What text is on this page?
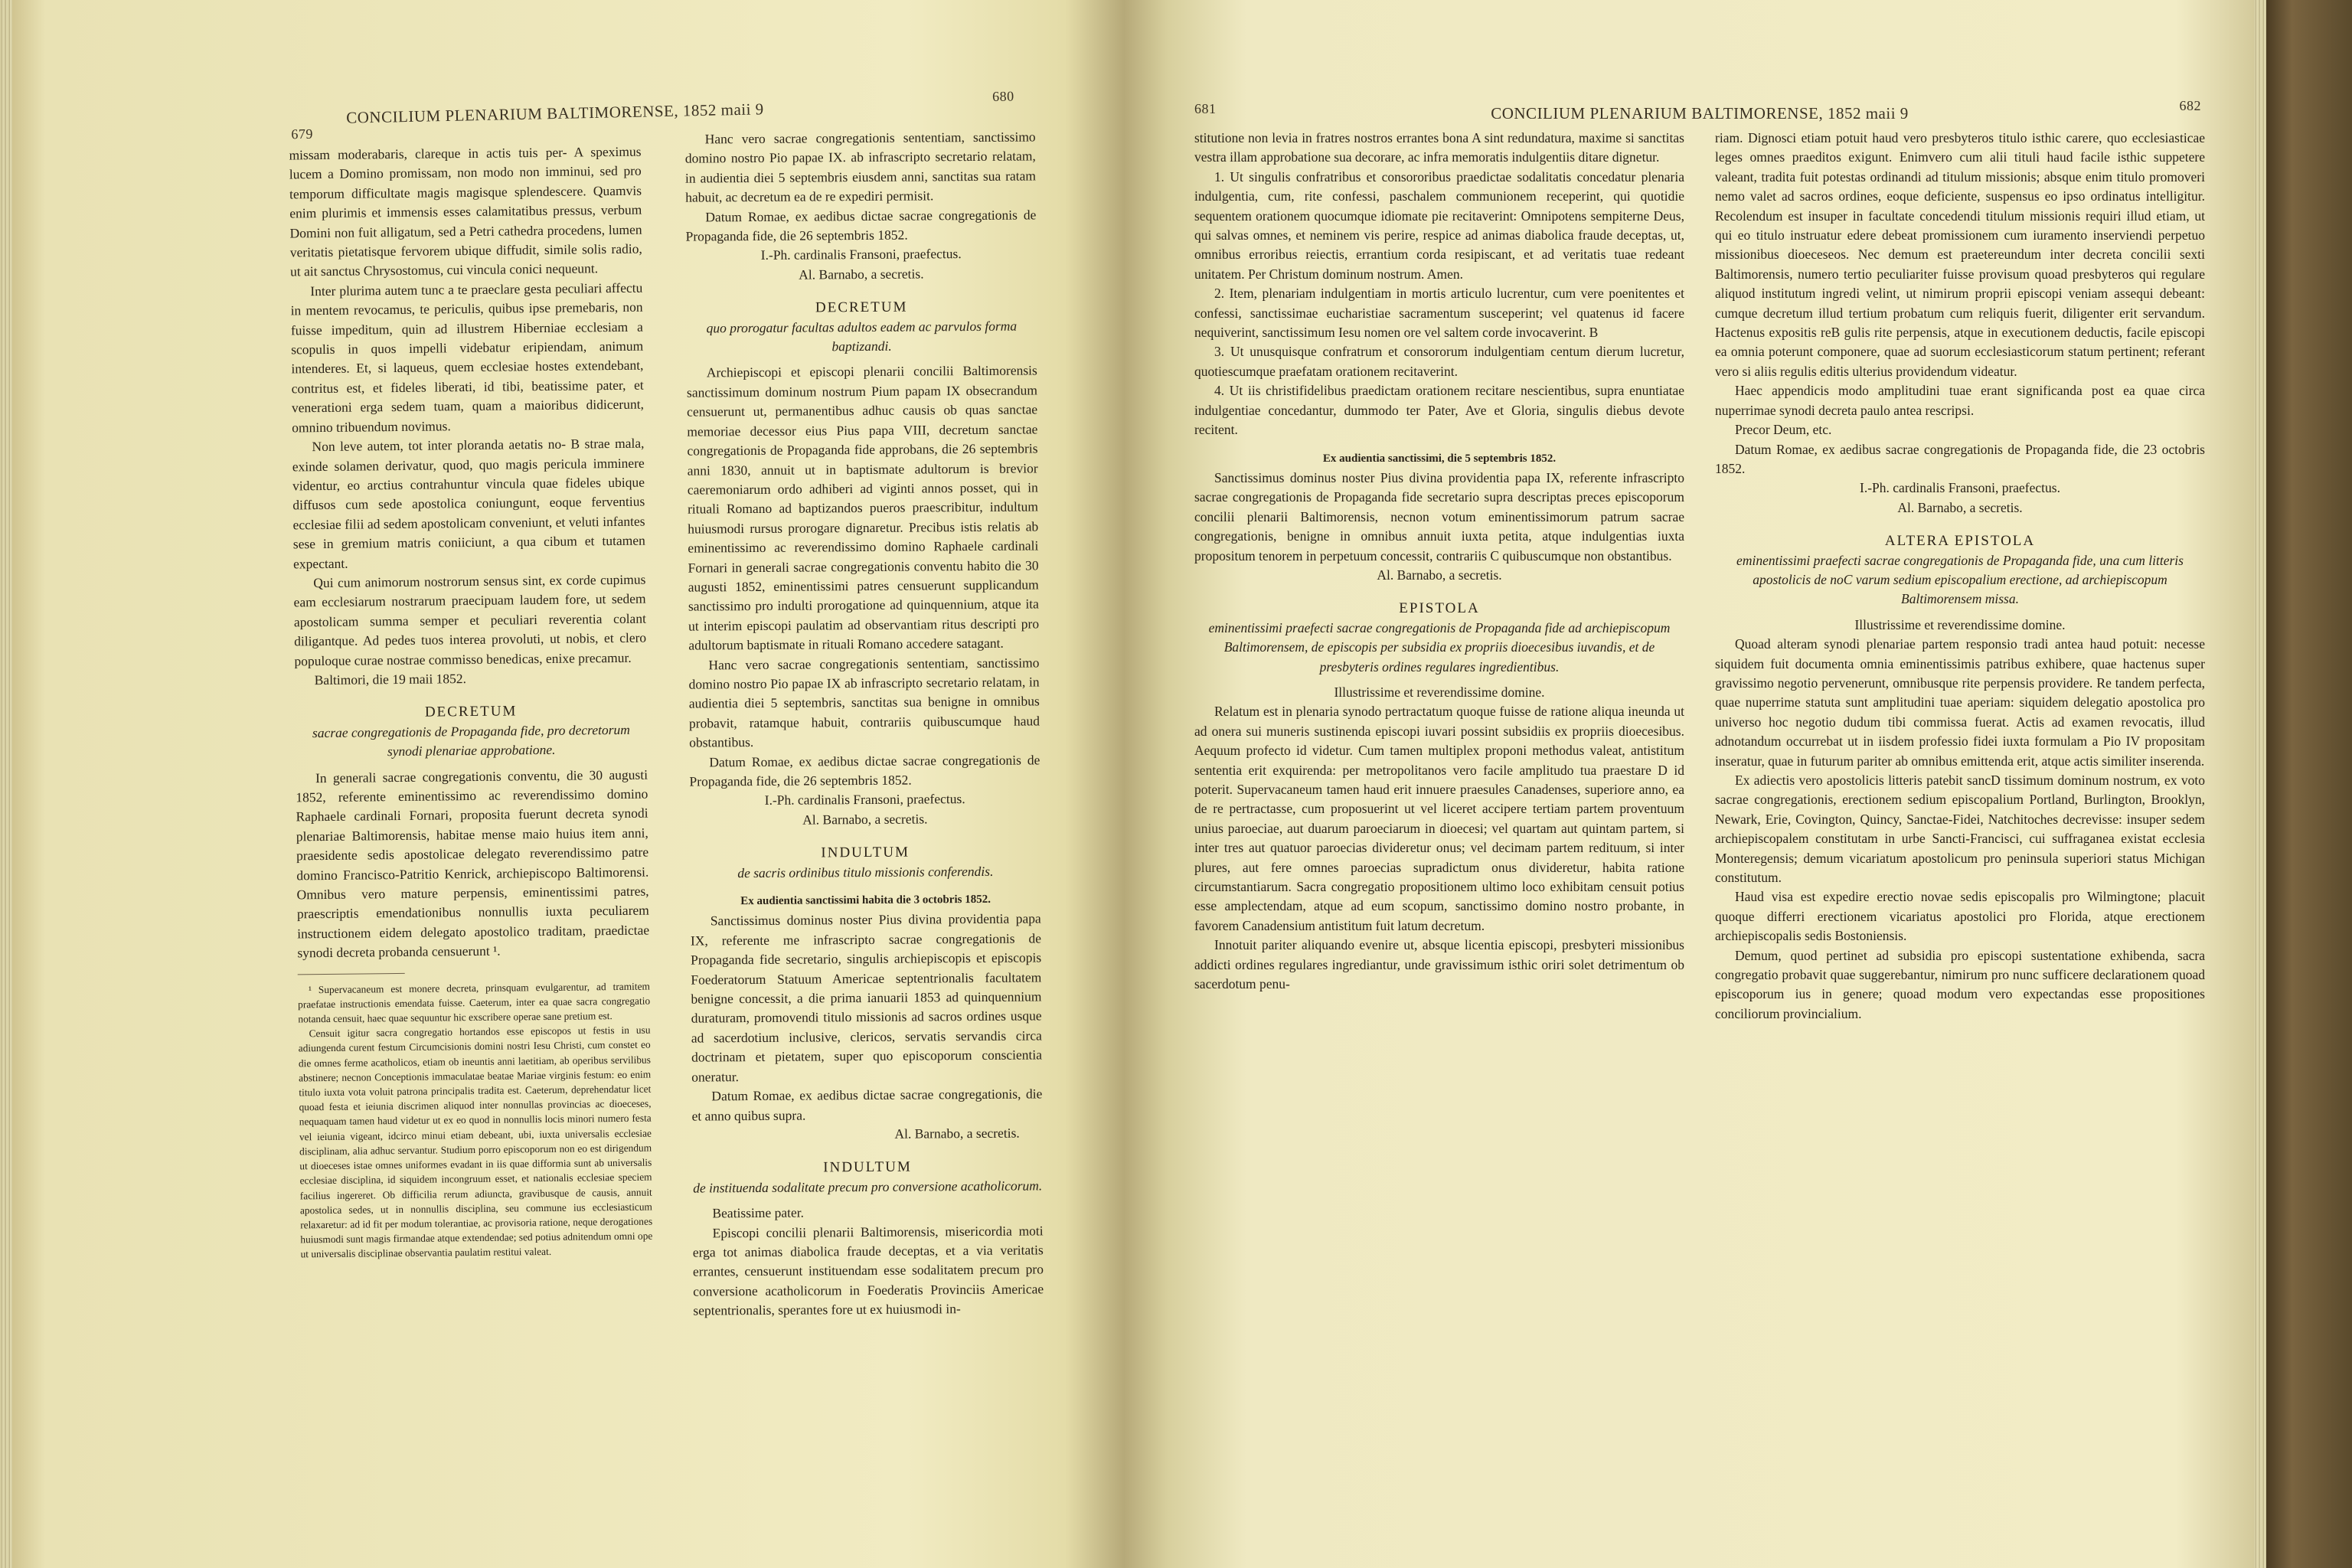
679
CONCILIUM PLENARIUM BALTIMORENSE, 1852 maii 9
680

missam moderabaris, clareque in actis tuis per- A speximus lucem a Domino promissam, non modo non imminui, sed pro temporum difficultate magis magisque splendescere. Quamvis enim plurimis et immensis esses calamitatibus pressus, verbum Domini non fuit alligatum, sed a Petri cathedra procedens, lumen veritatis pietatisque fervorem ubique diffudit, simile solis radio, ut ait sanctus Chrysostomus, cui vincula conici nequeunt.

Inter plurima autem tunc a te praeclare gesta peculiari affectu in mentem revocamus, te periculis, quibus ipse premebaris, non fuisse impeditum, quin ad illustrem Hiberniae ecclesiam a scopulis in quos impelli videbatur eripiendam, animum intenderes. Et, si laqueus, quem ecclesiae hostes extendebant, contritus est, et fideles liberati, id tibi, beatissime pater, et venerationi erga sedem tuam, quam a maioribus didicerunt, omnino tribuendum novimus.

Non leve autem, tot inter ploranda aetatis no- B strae mala, exinde solamen derivatur, quod, quo magis pericula imminere videntur, eo arctius contrahuntur vincula quae fideles ubique diffusos cum sede apostolica coniungunt, eoque ferventius ecclesiae filii ad sedem apostolicam conveniunt, et veluti infantes sese in gremium matris coniiciunt, a qua cibum et tutamen expectant.

Qui cum animorum nostrorum sensus sint, ex corde cupimus eam ecclesiarum nostrarum praecipuam laudem fore, ut sedem apostolicam summa semper et peculiari reverentia colant diligantque. Ad pedes tuos interea provoluti, ut nobis, et clero populoque curae nostrae commisso benedicas, enixe precamur.

Baltimori, die 19 maii 1852.

DECRETUM

sacrae congregationis de Propaganda fide, pro decretorum synodi plenariae approbatione.

In generali sacrae congregationis conventu, die 30 augusti 1852, referente eminentissimo ac reverendissimo domino Raphaele cardinali Fornari, proposita fuerunt decreta synodi plenariae Baltimorensis, habitae mense maio huius item anni, praesidente sedis apostolicae delegato reverendissimo patre domino Francisco-Patritio Kenrick, archiepiscopo Baltimorensi. Omnibus vero mature perpensis, eminentissimi patres, praescriptis emendationibus nonnullis iuxta peculiarem instructionem eidem delegato apostolico traditam, praedictae synodi decreta probanda censuerunt ¹.

¹ Supervacaneum est monere decreta, prinsquam evulgarentur, ad tramitem praefatae instructionis emendata fuisse. Caeterum, inter ea quae sacra congregatio notanda censuit, haec quae sequuntur hic exscribere operae sane pretium est.

Censuit igitur sacra congregatio hortandos esse episcopos ut festis in usu adiungenda curent festum Circumcisionis domini nostri Iesu Christi, cum constet eo die omnes ferme acatholicos, etiam ob ineuntis anni laetitiam, ab operibus servilibus abstinere; necnon Conceptionis immaculatae beatae Mariae virginis festum: eo enim titulo iuxta vota voluit patrona principalis tradita est. Caeterum, deprehendatur licet quoad festa et ieiunia discrimen aliquod inter nonnullas provincias ac dioeceses, nequaquam tamen haud videtur ut ex eo quod in nonnullis locis minori numero festa vel ieiunia vigeant, idcirco minui etiam debeant, ubi, iuxta universalis ecclesiae disciplinam, alia adhuc servantur. Studium porro episcoporum non eo est dirigendum ut dioeceses istae omnes uniformes evadant in iis quae difformia sunt ab universalis ecclesiae disciplina, id siquidem incongruum esset, et nationalis ecclesiae speciem facilius ingereret. Ob difficilia rerum adiuncta, gravibusque de causis, annuit apostolica sedes, ut in nonnullis disciplina, seu commune ius ecclesiasticum relaxaretur: ad id fit per modum tolerantiae, ac provisoria ratione, neque derogationes huiusmodi sunt magis firmandae atque extendendae; sed potius adnitendum omni ope ut universalis disciplinae observantia paulatim restitui valeat.

Hanc vero sacrae congregationis sententiam, sanctissimo domino nostro Pio papae IX. ab infrascripto secretario relatam, in audientia diei 5 septembris eiusdem anni, sanctitas sua ratam habuit, ac decretum ea de re expediri permisit.

Datum Romae, ex aedibus dictae sacrae congregationis de Propaganda fide, die 26 septembris 1852.

I.-Ph. cardinalis Fransoni, praefectus.

Al. Barnabo, a secretis.

DECRETUM

quo prorogatur facultas adultos eadem ac parvulos forma baptizandi.

Archiepiscopi et episcopi plenarii concilii Baltimorensis sanctissimum dominum nostrum Pium papam IX obsecrandum censuerunt ut, permanentibus adhuc causis ob quas sanctae memoriae decessor eius Pius papa VIII, decretum sanctae congregationis de Propaganda fide approbans, die 26 septembris anni 1830, annuit ut in baptismate adultorum is brevior caeremoniarum ordo adhiberi ad viginti annos posset, qui in rituali Romano ad baptizandos pueros praescribitur, indultum huiusmodi rursus prorogare dignaretur. Precibus istis relatis ab eminentissimo ac reverendissimo domino Raphaele cardinali Fornari in generali sacrae congregationis conventu habito die 30 augusti 1852, eminentissimi patres censuerunt supplicandum sanctissimo pro indulti prorogatione ad quinquennium, atque ita ut interim episcopi paulatim ad observantiam ritus descripti pro adultorum baptismate in rituali Romano accedere satagant.

Hanc vero sacrae congregationis sententiam, sanctissimo domino nostro Pio papae IX ab infrascripto secretario relatam, in audientia diei 5 septembris, sanctitas sua benigne in omnibus probavit, ratamque habuit, contrariis quibuscumque haud obstantibus.

Datum Romae, ex aedibus dictae sacrae congregationis de Propaganda fide, die 26 septembris 1852.

I.-Ph. cardinalis Fransoni, praefectus.

Al. Barnabo, a secretis.

INDULTUM

de sacris ordinibus titulo missionis conferendis.

Ex audientia sanctissimi habita die 3 octobris 1852.

Sanctissimus dominus noster Pius divina providentia papa IX, referente me infrascripto sacrae congregationis de Propaganda fide secretario, singulis archiepiscopis et episcopis Foederatorum Statuum Americae septentrionalis facultatem benigne concessit, a die prima ianuarii 1853 ad quinquennium duraturam, promovendi titulo missionis ad sacros ordines usque ad sacerdotium inclusive, clericos, servatis servandis circa doctrinam et pietatem, super quo episcoporum conscientia oneratur.

Datum Romae, ex aedibus dictae sacrae congregationis, die et anno quibus supra.

Al. Barnabo, a secretis.

INDULTUM

de instituenda sodalitate precum pro conversione acatholicorum.

Beatissime pater.

Episcopi concilii plenarii Baltimorensis, misericordia moti erga tot animas diabolica fraude deceptas, et a via veritatis errantes, censuerunt instituendam esse sodalitatem precum pro conversione acatholicorum in Foederatis Provinciis Americae septentrionalis, sperantes fore ut ex huiusmodi in-

681	CONCILIUM PLENARIUM BALTIMORENSE, 1852 maii 9	682

stitutione non levia in fratres nostros errantes bona A sint redundatura, maxime si sanctitas vestra illam approbatione sua decorare, ac infra memoratis indulgentiis ditare dignetur.

1. Ut singulis confratribus et consororibus praedictae sodalitatis concedatur plenaria indulgentia, cum, rite confessi, paschalem communionem receperint, qui quotidie sequentem orationem quocumque idiomate pie recitaverint: Omnipotens sempiterne Deus, qui salvas omnes, et neminem vis perire, respice ad animas diabolica fraude deceptas, ut, omnibus erroribus reiectis, errantium corda resipiscant, et ad veritatis tuae redeant unitatem. Per Christum dominum nostrum. Amen.

2. Item, plenariam indulgentiam in mortis articulo lucrentur, cum vere poenitentes et confessi, sanctissimae eucharistiae sacramentum susceperint; vel quatenus id facere nequiverint, sanctissimum Iesu nomen ore vel saltem corde invocaverint. B

3. Ut unusquisque confratrum et consororum indulgentiam centum dierum lucretur, quotiescumque praefatam orationem recitaverint.

4. Ut iis christifidelibus praedictam orationem recitare nescientibus, supra enuntiatae indulgentiae concedantur, dummodo ter Pater, Ave et Gloria, singulis diebus devote recitent.

Ex audientia sanctissimi, die 5 septembris 1852.

Sanctissimus dominus noster Pius divina providentia papa IX, referente infrascripto sacrae congregationis de Propaganda fide secretario supra descriptas preces episcoporum concilii plenarii Baltimorensis, necnon votum eminentissimorum patrum sacrae congregationis, benigne in omnibus annuit iuxta petita, atque indulgentias iuxta propositum tenorem in perpetuum concessit, contrariis C quibuscumque non obstantibus.

Al. Barnabo, a secretis.

EPISTOLA

eminentissimi praefecti sacrae congregationis de Propaganda fide ad archiepiscopum Baltimorensem, de episcopis per subsidia ex propriis dioecesibus iuvandis, et de presbyteris ordines regulares ingredientibus.

Illustrissime et reverendissime domine.

Relatum est in plenaria synodo pertractatum quoque fuisse de ratione aliqua ineunda ut ad onera sui muneris sustinenda episcopi iuvari possint subsidiis ex propriis dioecesibus. Aequum profecto id videtur. Cum tamen multiplex proponi methodus valeat, antistitum sententia erit exquirenda: per metropolitanos vero facile amplitudo tua praestare D id poterit. Supervacaneum tamen haud erit innuere praesules Canadenses, superiore anno, ea de re pertractasse, cum proposuerint ut vel liceret accipere tertiam partem proventuum unius paroeciae, aut duarum paroeciarum in dioecesi; vel quartam aut quintam partem, si inter tres aut quatuor paroecias divideretur onus; vel decimam partem redituum, si inter plures, aut fere omnes paroecias supradictum onus divideretur, habita ratione circumstantiarum. Sacra congregatio propositionem ultimo loco exhibitam censuit potius esse amplectendam, atque ad eum scopum, sanctissimo domino nostro probante, in favorem Canadensium antistitum fuit latum decretum.

Innotuit pariter aliquando evenire ut, absque licentia episcopi, presbyteri missionibus addicti ordines regulares ingrediantur, unde gravissimum isthic oriri solet detrimentum ob sacerdotum penu-

riam. Dignosci etiam potuit haud vero presbyteros titulo isthic carere, quo ecclesiasticae leges omnes praeditos exigunt. Enimvero cum alii tituli haud facile isthic suppetere valeant, tradita fuit potestas ordinandi ad titulum missionis; absque enim titulo promoveri nemo valet ad sacros ordines, eoque deficiente, suspensus eo ipso ordinatus intelligitur. Recolendum est insuper in facultate concedendi titulum missionis requiri illud etiam, ut qui eo titulo instruatur edere debeat promissionem cum iuramento inserviendi perpetuo missionibus dioeceseos. Nec demum est praetereundum inter decreta concilii sexti Baltimorensis, numero tertio peculiariter fuisse provisum quoad presbyteros qui regulare aliquod institutum ingredi velint, ut nimirum proprii episcopi veniam assequi debeant: cumque decretum illud tertium probatum cum reliquis fuerit, diligenter erit servandum. Hactenus expositis reB gulis rite perpensis, atque in executionem deductis, facile episcopi ea omnia poterunt componere, quae ad suorum ecclesiasticorum statum pertinent; referant vero si aliis regulis editis ulterius providendum videatur.

Haec appendicis modo amplitudini tuae erant significanda post ea quae circa nuperrimae synodi decreta paulo antea rescripsi.

Precor Deum, etc.

Datum Romae, ex aedibus sacrae congregationis de Propaganda fide, die 23 octobris 1852.

I.-Ph. cardinalis Fransoni, praefectus.

Al. Barnabo, a secretis.

ALTERA EPISTOLA

eminentissimi praefecti sacrae congregationis de Propaganda fide, una cum litteris apostolicis de noC varum sedium episcopalium erectione, ad archiepiscopum Baltimorensem missa.

Illustrissime et reverendissime domine.

Quoad alteram synodi plenariae partem responsio tradi antea haud potuit: necesse siquidem fuit documenta omnia eminentissimis patribus exhibere, quae hactenus super gravissimo negotio pervenerunt, omnibusque rite perpensis providere. Re tandem perfecta, quae nuperrime statuta sunt amplitudini tuae aperiam: siquidem delegatio apostolica pro universo hoc negotio dudum tibi commissa fuerat. Actis ad examen revocatis, illud adnotandum occurrebat ut in iisdem professio fidei iuxta formulam a Pio IV propositam inseratur, quae in futurum pariter ab omnibus emittenda erit, atque actis similiter inserenda.

Ex adiectis vero apostolicis litteris patebit sancD tissimum dominum nostrum, ex voto sacrae congregationis, erectionem sedium episcopalium Portland, Burlington, Brooklyn, Newark, Erie, Covington, Quincy, Sanctae-Fidei, Natchitoches decrevisse: insuper sedem archiepiscopalem constitutam in urbe Sancti-Francisci, cui suffraganea existat ecclesia Monteregensis; demum vicariatum apostolicum pro peninsula superiori status Michigan constitutum.

Haud visa est expedire erectio novae sedis episcopalis pro Wilmingtone; placuit quoque differri erectionem vicariatus apostolici pro Florida, atque erectionem archiepiscopalis sedis Bostoniensis.

Demum, quod pertinet ad subsidia pro episcopi sustentatione exhibenda, sacra congregatio probavit quae suggerebantur, nimirum pro nunc sufficere declarationem quoad episcoporum ius in genere; quoad modum vero expectandas esse propositiones conciliorum provincialium.
